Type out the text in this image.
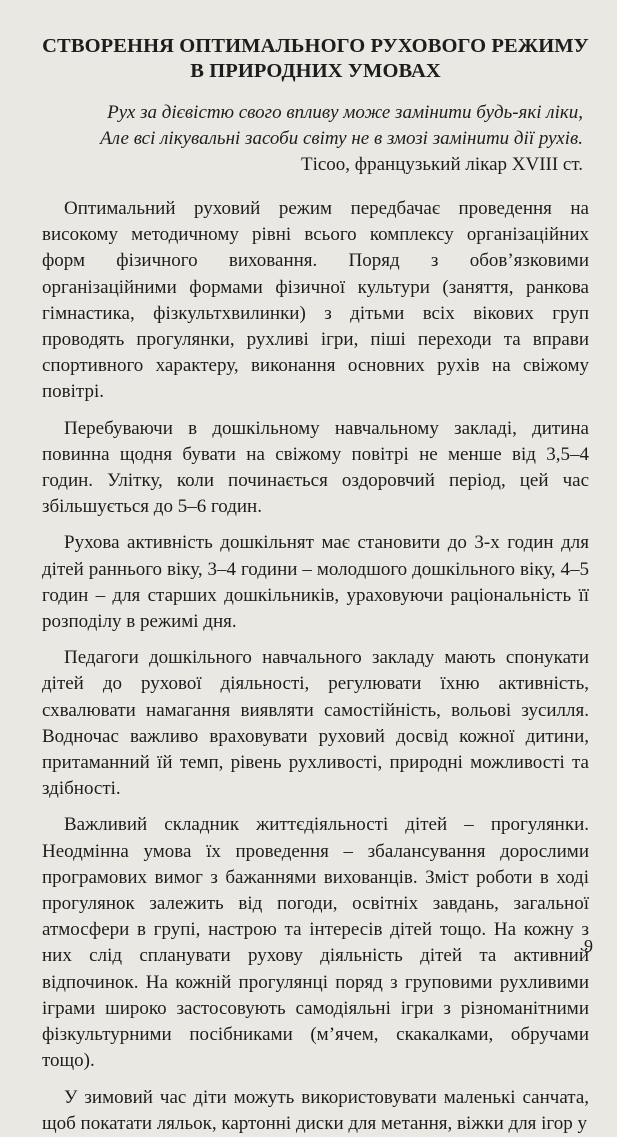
СТВОРЕННЯ ОПТИМАЛЬНОГО РУХОВОГО РЕЖИМУ
В ПРИРОДНИХ УМОВАХ
Рух за дієвістю свого впливу може замінити будь-які ліки,
Але всі лікувальні засоби світу не в змозі замінити дії рухів.
Тісоо, французький лікар XVIII ст.

Оптимальний руховий режим передбачає проведення на високому методичному рівні всього комплексу організаційних форм фізичного виховання. Поряд з обов’язковими організаційними формами фізичної культури (заняття, ранкова гімнастика, фізкультхвилинки) з дітьми всіх вікових груп проводять прогулянки, рухливі ігри, піші переходи та вправи спортивного характеру, виконання основних рухів на свіжому повітрі.

Перебуваючи в дошкільному навчальному закладі, дитина повинна щодня бувати на свіжому повітрі не менше від 3,5–4 годин. Улітку, коли починається оздоровчий період, цей час збільшується до 5–6 годин.

Рухова активність дошкільнят має становити до 3-х годин для дітей раннього віку, 3–4 години – молодшого дошкільного віку, 4–5 годин – для старших дошкільників, ураховуючи раціональність її розподілу в режимі дня.

Педагоги дошкільного навчального закладу мають спонукати дітей до рухової діяльності, регулювати їхню активність, схвалювати намагання виявляти самостійність, вольові зусилля. Водночас важливо враховувати руховий досвід кожної дитини, притаманний їй темп, рівень рухливості, природні можливості та здібності.

Важливий складник життєдіяльності дітей – прогулянки. Неодмінна умова їх проведення – збалансування дорослими програмових вимог з бажаннями вихованців. Зміст роботи в ході прогулянок залежить від погоди, освітніх завдань, загальної атмосфери в групі, настрою та інтересів дітей тощо. На кожну з них слід спланувати рухову діяльність дітей та активний відпочинок. На кожній прогулянці поряд з груповими рухливими іграми широко застосовують самодіяльні ігри з різноманітними фізкультурними посібниками (м’ячем, скакалками, обручами тощо).

У зимовий час діти можуть використовувати маленькі санчата, щоб покатати ляльок, картонні диски для метання, віжки для ігор у

9
